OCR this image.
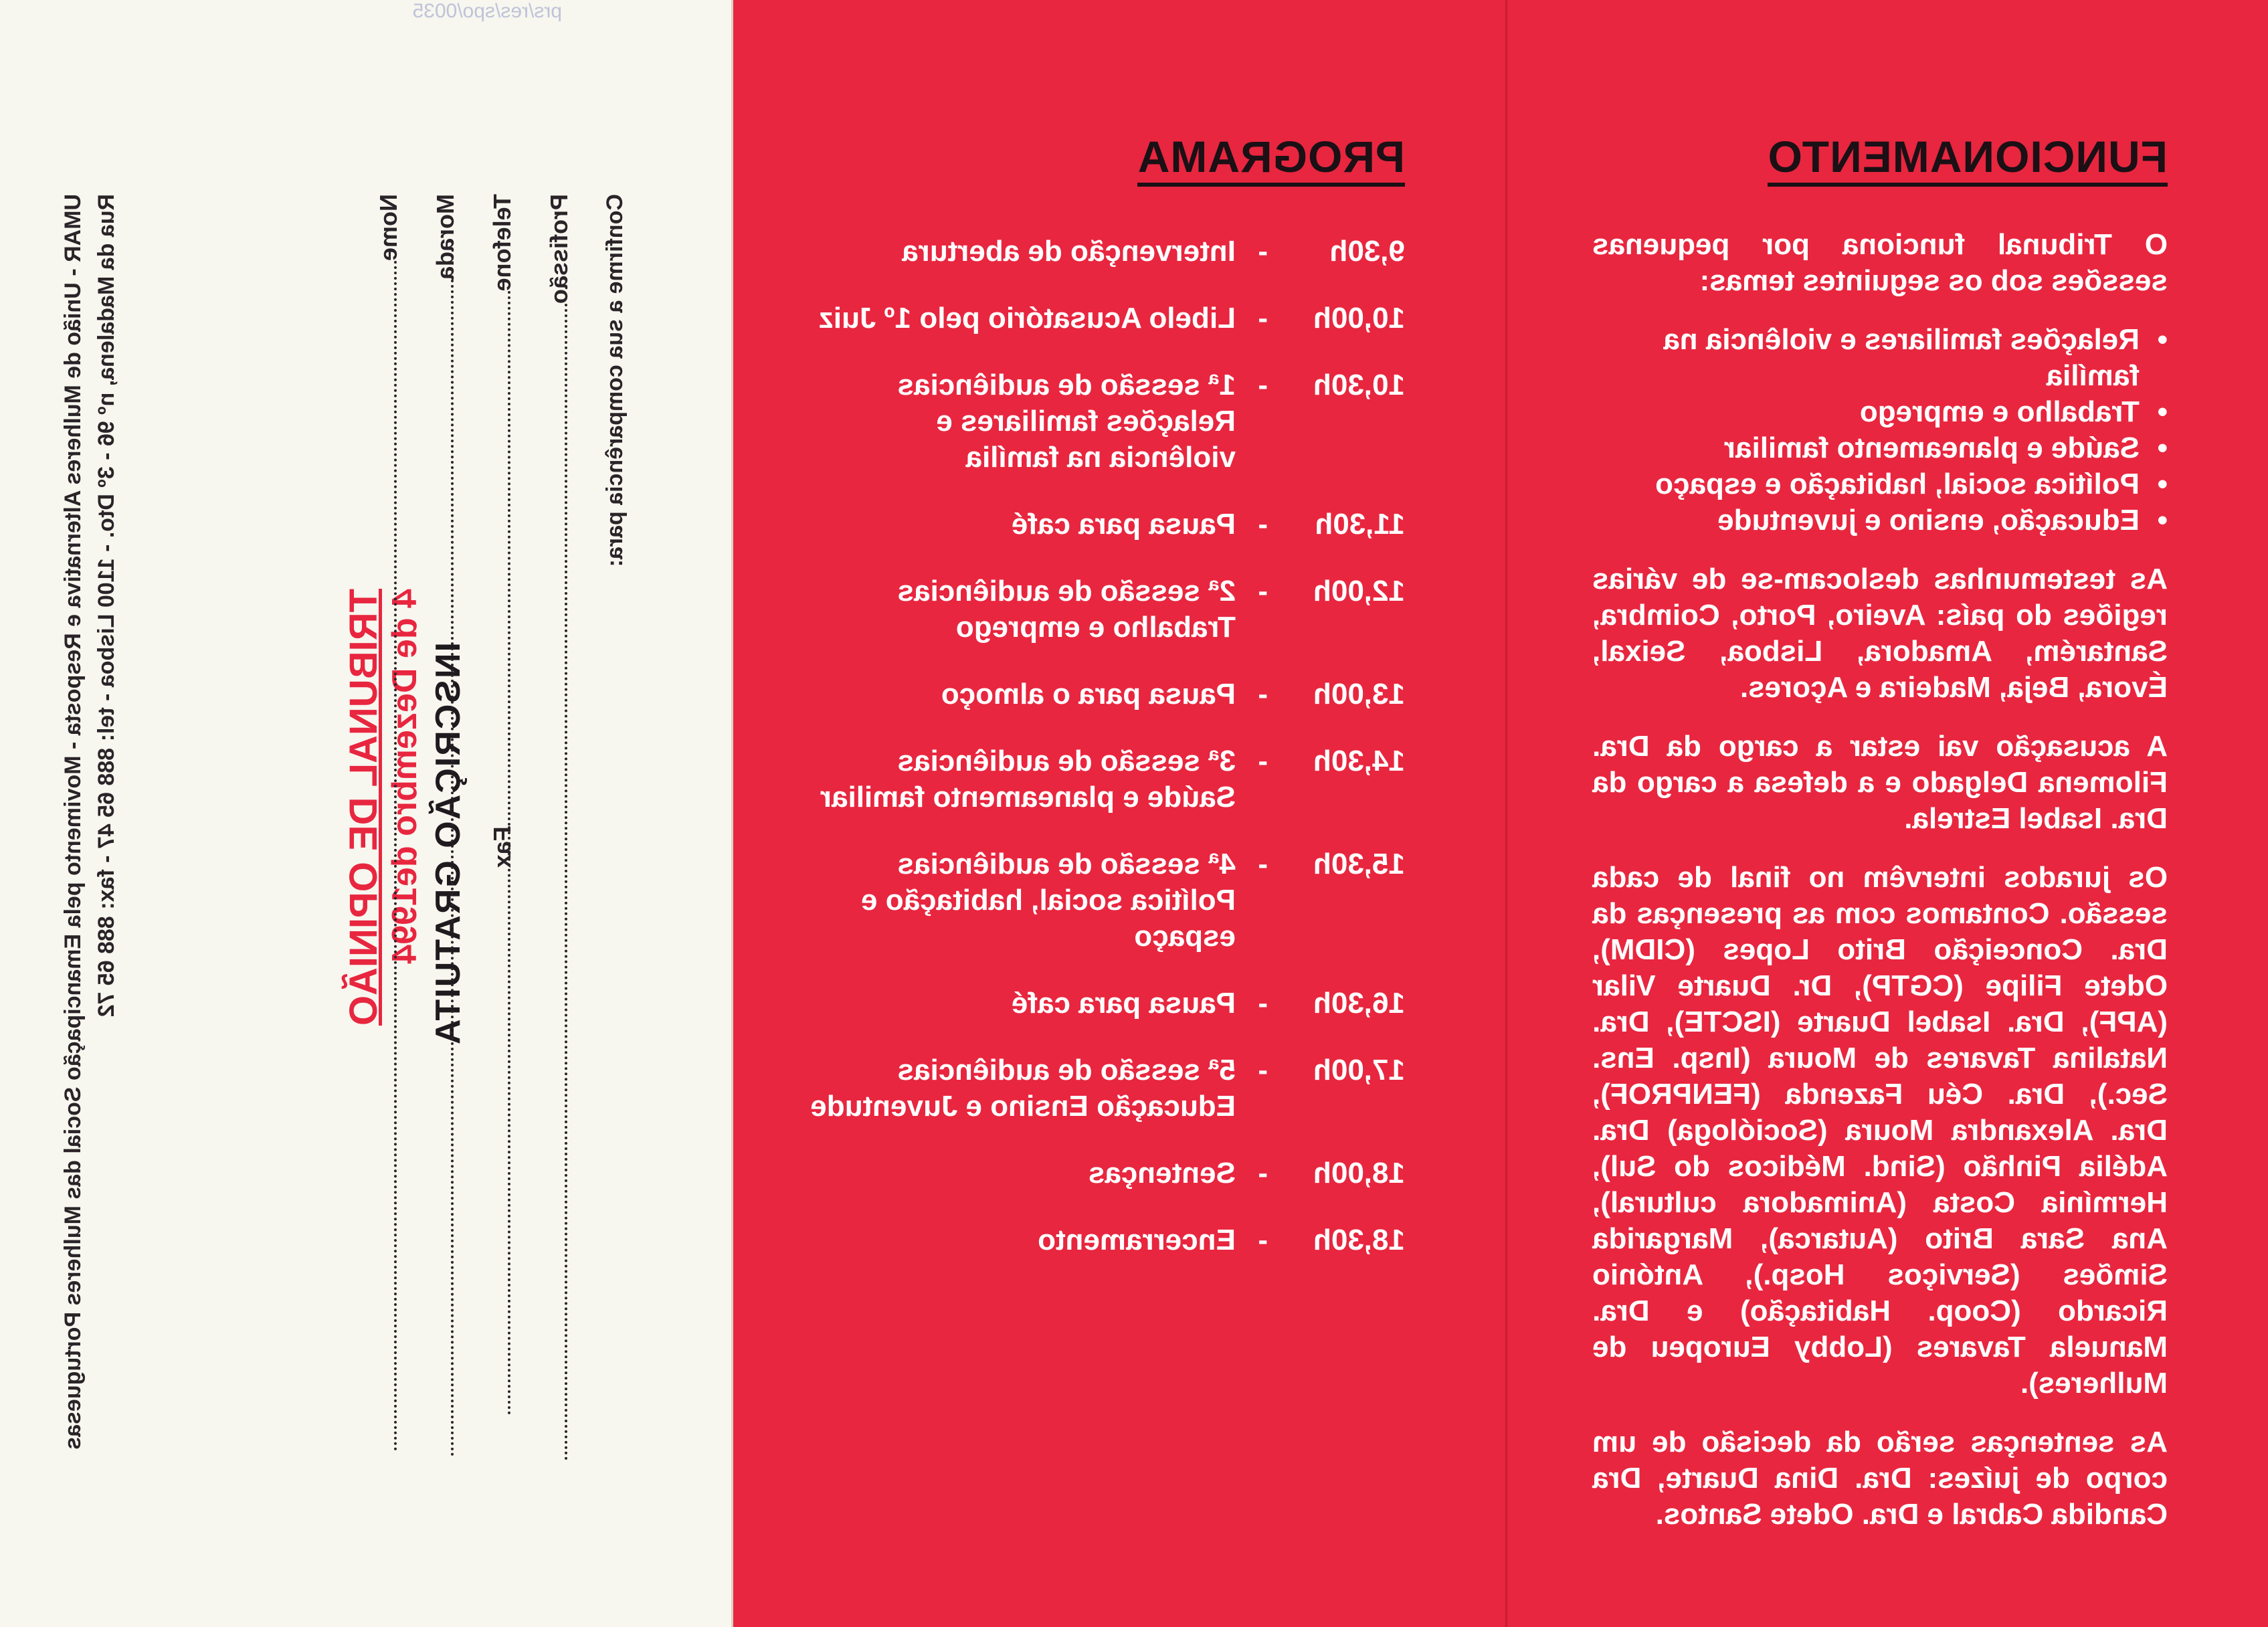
prs/res/spo/0035
FUNCIONAMENTO

O Tribunal funciona por pequenas sessões sob os seguintes temas:

• Relações familiares e violência na família
• Trabalho e emprego
• Saúde e planeamento familiar
• Política social, habitação e espaço
• Educação, ensino e juventude

As testemunhas deslocam-se de várias regiões do país: Aveiro, Porto, Coimbra, Santarém, Amadora, Lisboa, Seixal, Évora, Beja, Madeira e Açores.

A acusação vai estar a cargo da Dra. Filomena Delgado e a defesa a cargo da Dra. Isabel Estrela.

Os jurados intervêm no final de cada sessão. Contamos com as presenças da Dra. Conceição Brito Lopes (CIDM), Odete Filipe (CGTP), Dr. Duarte Vilar (APF), Dra. Isabel Duarte (ISCTE), Dra. Natalina Tavares de Moura (Insp. Ens. Sec.), Dra. Céu Fazenda (FENPROF), Dra. Alexandra Moura (Socióloga) Dra. Adélia Pinhão (Sind. Médicos do Sul), Hermínia Costa (Animadora cultural), Ana Sara Brito (Autarca), Margarida Simões (Serviços Hosp.), António Ricardo (Coop. Habitação) e Dra. Manuela Tavares (Lobby Europeu de Mulheres).

As sentenças serão da decisão de um corpo de juízes: Dra. Dina Duarte, Dra Candida Cabral e Dra. Odete Santos.

PROGRAMA
9,30h
-
Intervenção de abertura
10,00h
-
Libelo Acusatório pelo 1º Juiz
10,30h
-
1ª sessão de audiências Relações familiares e violência na família
11,30h
-
Pausa para café
12,00h
-
2ª sessão de audiências Trabalho e emprego
13,00h
-
Pausa para o almoço
14,30h
-
3ª sessão de audiências Saúde e planeamento familiar
15,30h
-
4ª sessão de audiências Política social, habitação e espaço
16,30h
-
Pausa para café
17,00h
-
5ª sessão de audiências Educação Ensino e Juventude
18,00h
-
Sentenças
18,30h
-
Encerramento
TRIBUNAL DE OPINIÃO 4 de Dezembro de1994 INSCRIÇÃO GRATUITA
Nome Morada TelefoneFax
Profissão Confirme a sua comparência para:
UMAR - União de Mulheres Alternativa e Resposta - Movimento pela Emancipação Social das Mulheres Portuguesas Rua da Madalena, nº 96 - 3º Dto. - 1100 Lisboa - tel: 888 65 47 - fax: 888 65 72
